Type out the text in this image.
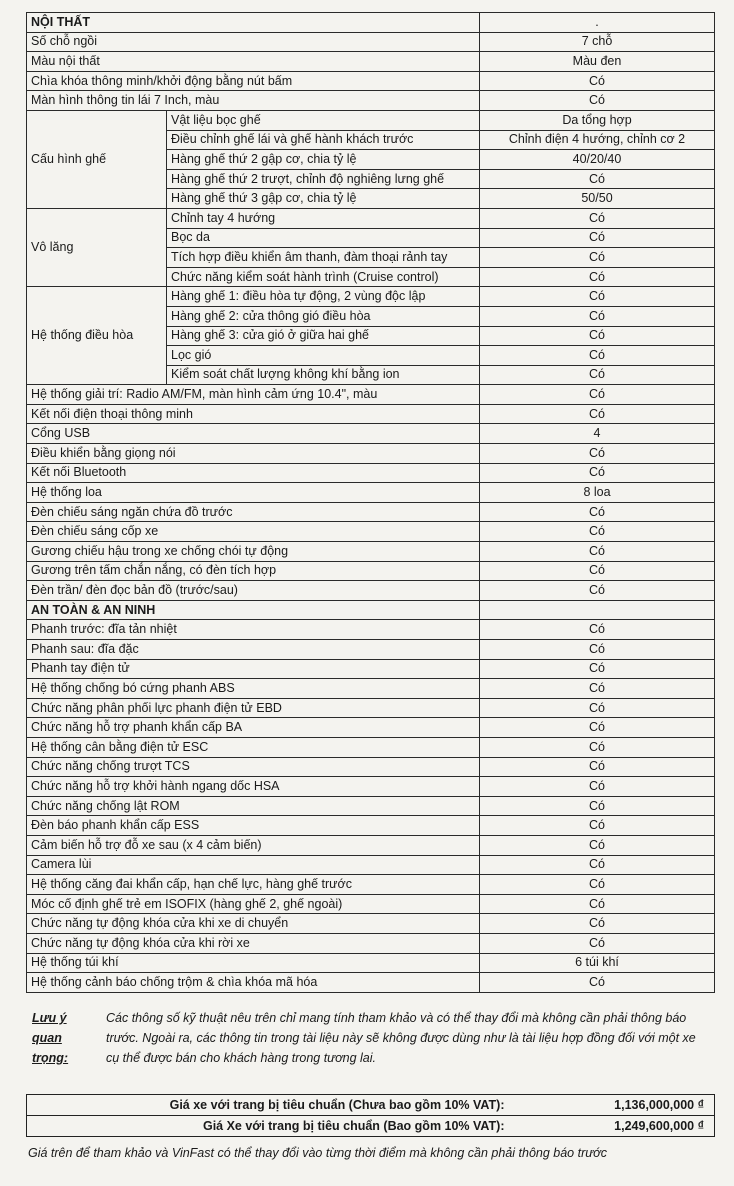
NỘI THẤT		.
Số chỗ ngồi		7 chỗ
Màu nội thất		Màu đen
Chìa khóa thông minh/khởi động bằng nút bấm		Có
Màn hình thông tin lái 7 Inch, màu		Có
Cấu hình ghế	Vật liệu bọc ghế	Da tổng hợp
	Điều chỉnh ghế lái và ghế hành khách trước	Chỉnh điện 4 hướng, chỉnh cơ 2
	Hàng ghế thứ 2 gập cơ, chia tỷ lệ	40/20/40
	Hàng ghế thứ 2 trượt, chỉnh độ nghiêng lưng ghế	Có
	Hàng ghế thứ 3 gập cơ, chia tỷ lệ	50/50
Vô lăng	Chỉnh tay 4 hướng	Có
	Bọc da	Có
	Tích hợp điều khiển âm thanh, đàm thoại rảnh tay	Có
	Chức năng kiểm soát hành trình (Cruise control)	Có
Hệ thống điều hòa	Hàng ghế 1: điều hòa tự động, 2 vùng độc lập	Có
	Hàng ghế 2: cửa thông gió điều hòa	Có
	Hàng ghế 3: cửa gió ở giữa hai ghế	Có
	Lọc gió	Có
	Kiểm soát chất lượng không khí bằng ion	Có
Hệ thống giải trí: Radio AM/FM, màn hình cảm ứng 10.4", màu		Có
Kết nối điện thoại thông minh		Có
Cổng USB		4
Điều khiển bằng giọng nói		Có
Kết nối Bluetooth		Có
Hệ thống loa		8 loa
Đèn chiếu sáng ngăn chứa đồ trước		Có
Đèn chiếu sáng cốp xe		Có
Gương chiếu hậu trong xe chống chói tự động		Có
Gương trên tấm chắn nắng, có đèn tích hợp		Có
Đèn trần/ đèn đọc bản đồ (trước/sau)		Có
AN TOÀN & AN NINH		
Phanh trước: đĩa tản nhiệt		Có
Phanh sau: đĩa đặc		Có
Phanh tay điện tử		Có
Hệ thống chống bó cứng phanh ABS		Có
Chức năng phân phối lực phanh điện tử EBD		Có
Chức năng hỗ trợ phanh khẩn cấp BA		Có
Hệ thống cân bằng điện tử ESC		Có
Chức năng chống trượt TCS		Có
Chức năng hỗ trợ khởi hành ngang dốc HSA		Có
Chức năng chống lật ROM		Có
Đèn báo phanh khẩn cấp ESS		Có
Cảm biến hỗ trợ đỗ xe sau (x 4 cảm biến)		Có
Camera lùi		Có
Hệ thống căng đai khẩn cấp, hạn chế lực, hàng ghế trước		Có
Móc cố định ghế trẻ em ISOFIX (hàng ghế 2, ghế ngoài)		Có
Chức năng tự động khóa cửa khi xe di chuyển		Có
Chức năng tự động khóa cửa khi rời xe		Có
Hệ thống túi khí		6 túi khí
Hệ thống cảnh báo chống trộm & chìa khóa mã hóa		Có
Lưu ý quan trọng:
Các thông số kỹ thuật nêu trên chỉ mang tính tham khảo và có thể thay đổi mà không cần phải thông báo trước. Ngoài ra, các thông tin trong tài liệu này sẽ không được dùng như là tài liệu hợp đồng đối với một xe cụ thể được bán cho khách hàng trong tương lai.
Giá xe với trang bị tiêu chuẩn (Chưa bao gồm 10% VAT):	1,136,000,000 ₫
Giá Xe với trang bị tiêu chuẩn (Bao gồm 10% VAT):	1,249,600,000 ₫
Giá trên để tham khảo và VinFast có thể thay đổi vào từng thời điểm mà không cần phải thông báo trước
